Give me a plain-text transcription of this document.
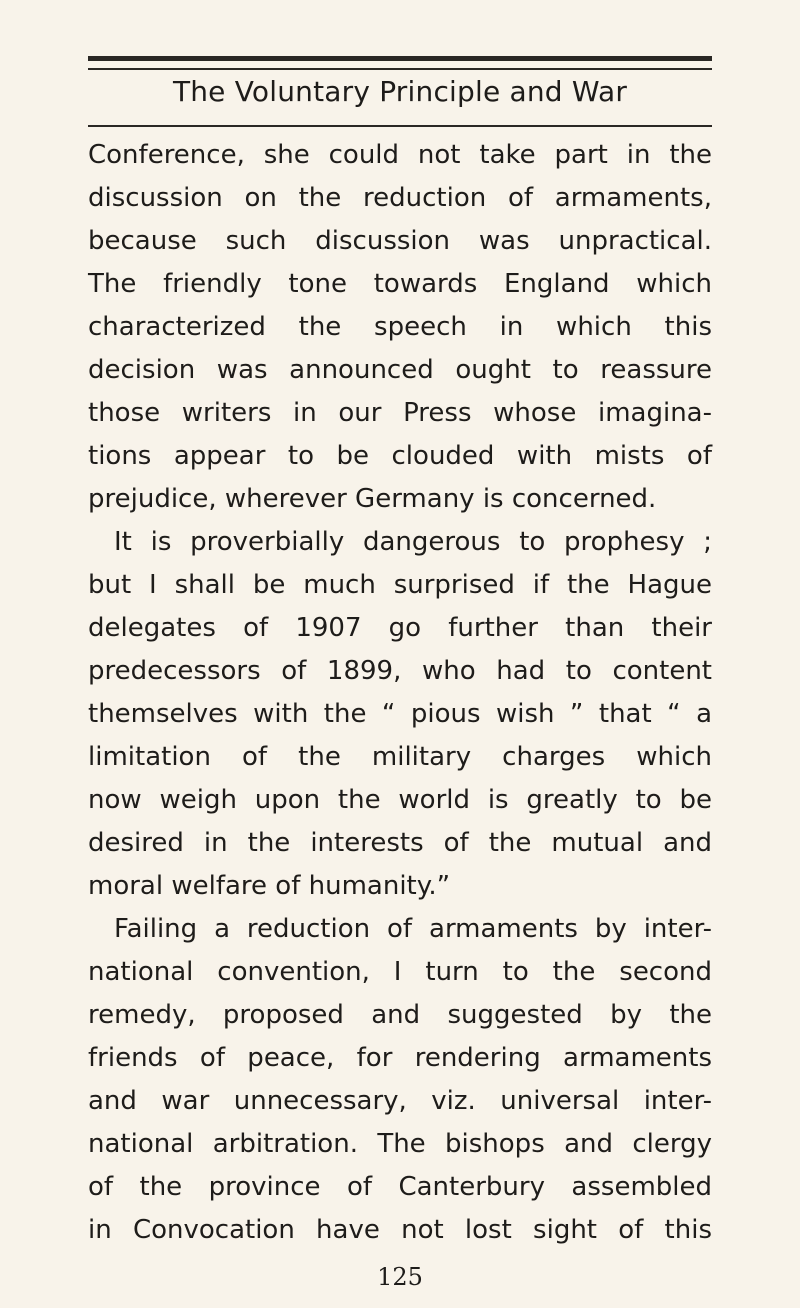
The Voluntary Principle and War
Conference, she could not take part in the
discussion on the reduction of armaments,
because such discussion was unpractical.
The friendly tone towards England which
characterized the speech in which this
decision was announced ought to reassure
those writers in our Press whose imagina-
tions appear to be clouded with mists of
prejudice, wherever Germany is concerned.
It is proverbially dangerous to prophesy ;
but I shall be much surprised if the Hague
delegates of 1907 go further than their
predecessors of 1899, who had to content
themselves with the “ pious wish ” that “ a
limitation of the military charges which
now weigh upon the world is greatly to be
desired in the interests of the mutual and
moral welfare of humanity.”
Failing a reduction of armaments by inter-
national convention, I turn to the second
remedy, proposed and suggested by the
friends of peace, for rendering armaments
and war unnecessary, viz. universal inter-
national arbitration. The bishops and clergy
of the province of Canterbury assembled
in Convocation have not lost sight of this
125
